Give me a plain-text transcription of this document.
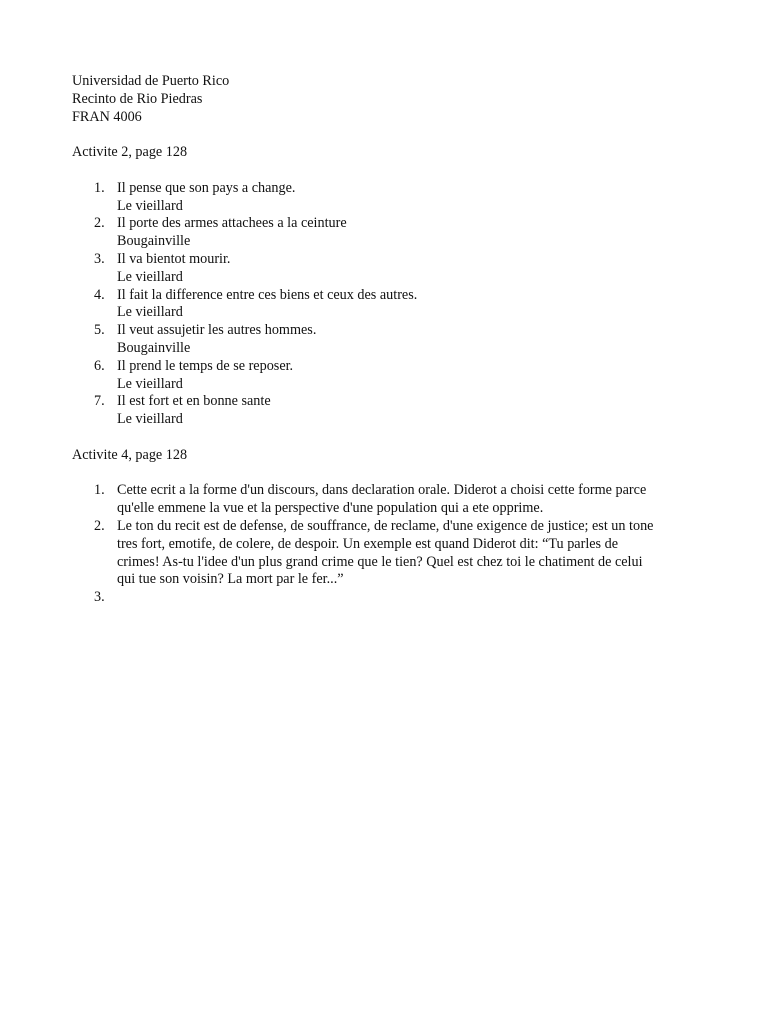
Universidad de Puerto Rico
Recinto de Rio Piedras
FRAN 4006
Activite 2, page 128
1. Il pense que son pays a change.
Le vieillard
2. Il porte des armes attachees a la ceinture
Bougainville
3. Il va bientot mourir.
Le vieillard
4. Il fait la difference entre ces biens et ceux des autres.
Le vieillard
5. Il veut assujetir les autres hommes.
Bougainville
6. Il prend le temps de se reposer.
Le vieillard
7. Il est fort et en bonne sante
Le vieillard
Activite 4, page 128
1. Cette ecrit a la forme d'un discours, dans declaration orale. Diderot a choisi cette forme parce
qu'elle emmene la vue et la perspective d'une population qui a ete opprime.
2. Le ton du recit est de defense, de souffrance, de reclame, d'une exigence de justice; est un tone
tres fort, emotife, de colere, de despoir. Un exemple est quand Diderot dit: “Tu parles de
crimes! As-tu l'idee d'un plus grand crime que le tien? Quel est chez toi le chatiment de celui
qui tue son voisin? La mort par le fer...”
3.
